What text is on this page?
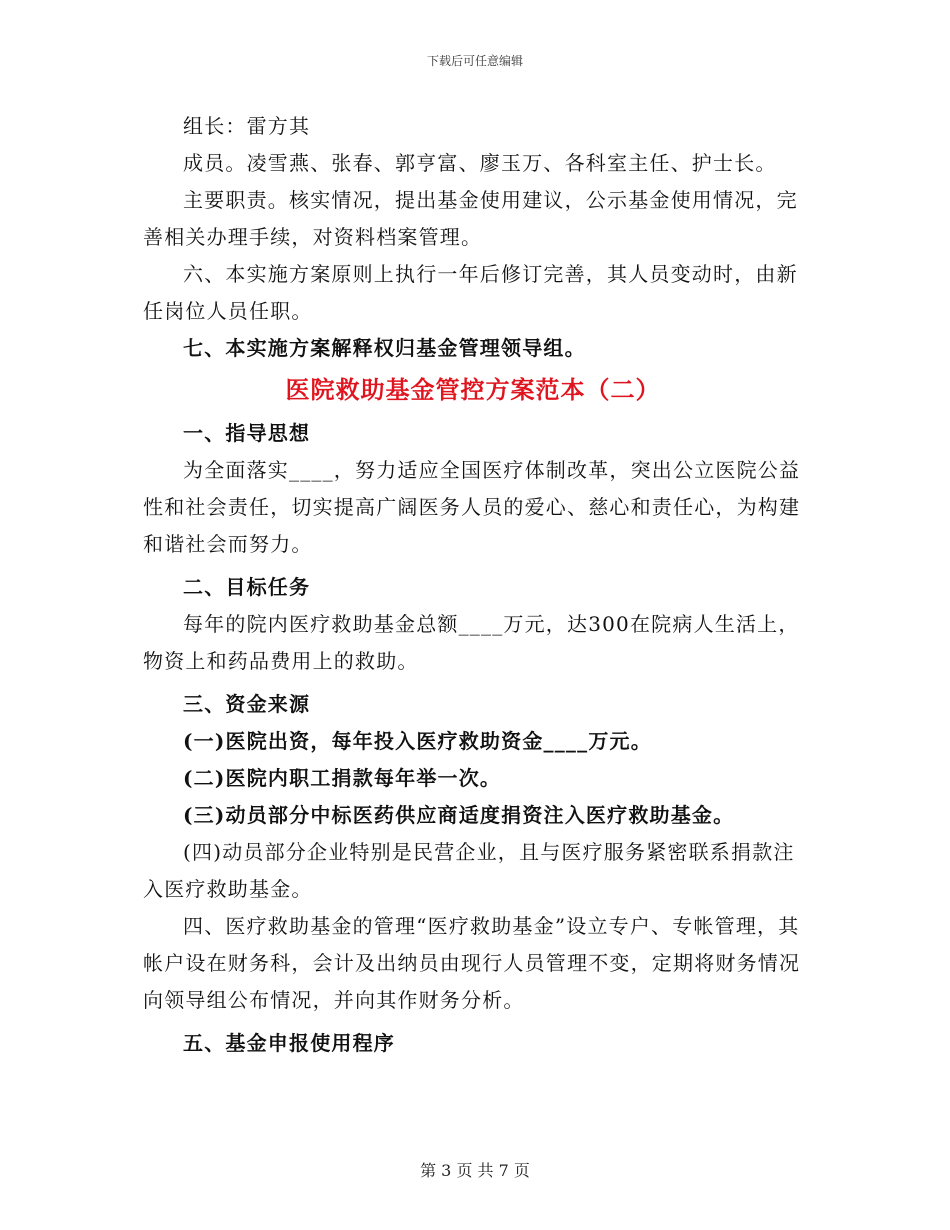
下载后可任意编辑

组长：雷方其

成员。凌雪燕、张春、郭亨富、廖玉万、各科室主任、护士长。

主要职责。核实情况，提出基金使用建议，公示基金使用情况，完善相关办理手续，对资料档案管理。

六、本实施方案原则上执行一年后修订完善，其人员变动时，由新任岗位人员任职。

七、本实施方案解释权归基金管理领导组。

医院救助基金管控方案范本（二）

一、指导思想

为全面落实____，努力适应全国医疗体制改革，突出公立医院公益性和社会责任，切实提高广阔医务人员的爱心、慈心和责任心，为构建和谐社会而努力。

二、目标任务

每年的院内医疗救助基金总额____万元，达300在院病人生活上，物资上和药品费用上的救助。

三、资金来源

(一)医院出资，每年投入医疗救助资金____万元。

(二)医院内职工捐款每年举一次。

(三)动员部分中标医药供应商适度捐资注入医疗救助基金。

(四)动员部分企业特别是民营企业，且与医疗服务紧密联系捐款注入医疗救助基金。

四、医疗救助基金的管理“医疗救助基金”设立专户、专帐管理，其帐户设在财务科，会计及出纳员由现行人员管理不变，定期将财务情况向领导组公布情况，并向其作财务分析。

五、基金申报使用程序

第 3 页 共 7 页
